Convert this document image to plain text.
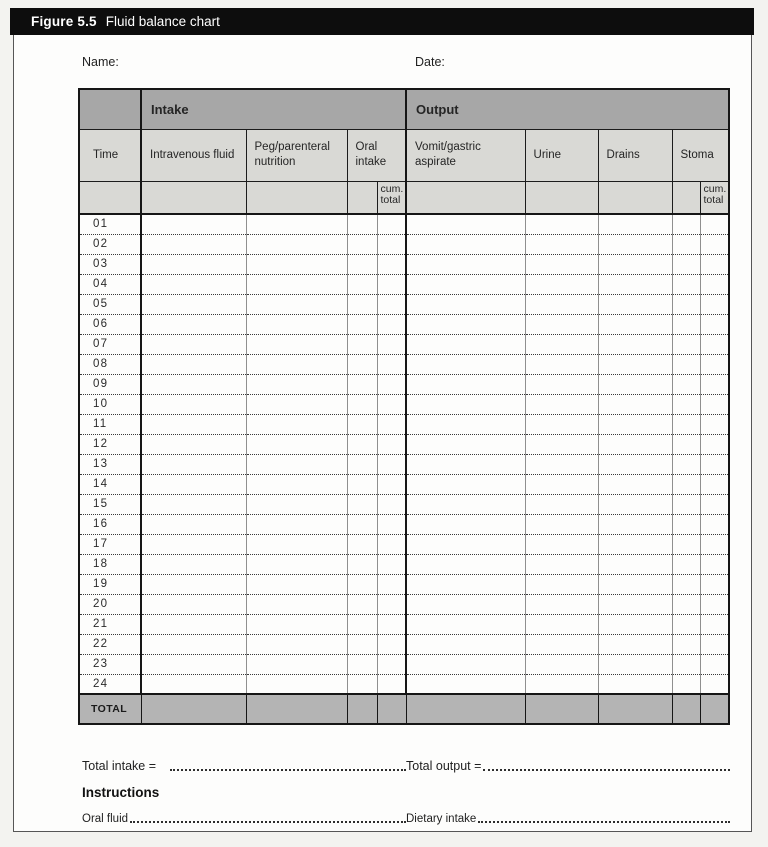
Figure 5.5 Fluid balance chart
Name:	Date:
	Intake				Output				
Time	Intravenous fluid	Peg/parenteral nutrition	Oral intake		Vomit/gastric aspirate	Urine	Drains	Stoma	
				cum. total					cum. total
01									
02									
03									
04									
05									
06									
07									
08									
09									
10									
11									
12									
13									
14									
15									
16									
17									
18									
19									
20									
21									
22									
23									
24									
TOTAL									
Total intake =	Total output =
Instructions
Oral fluid	Dietary intake
